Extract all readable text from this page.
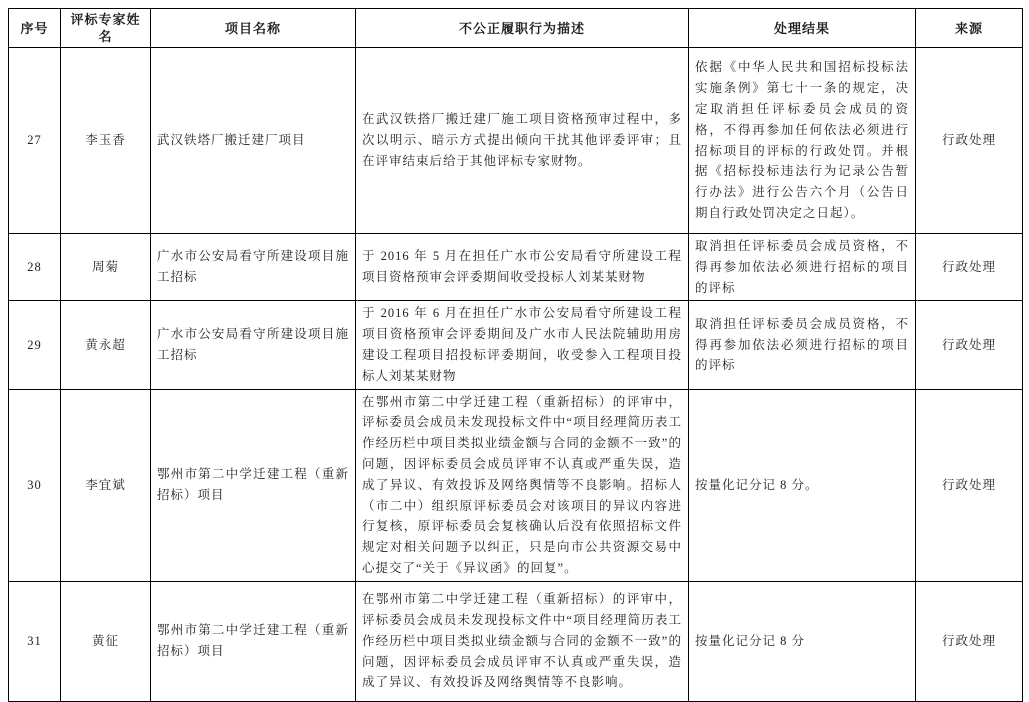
序号	评标专家姓名	项目名称	不公正履职行为描述	处理结果	来源
27	李玉香	武汉铁塔厂搬迁建厂项目	在武汉铁搭厂搬迁建厂施工项目资格预审过程中，多次以明示、暗示方式提出倾向干扰其他评委评审；且在评审结束后给于其他评标专家财物。	依据《中华人民共和国招标投标法实施条例》第七十一条的规定，决定取消担任评标委员会成员的资格，不得再参加任何依法必须进行招标项目的评标的行政处罚。并根据《招标投标违法行为记录公告暂行办法》进行公告六个月（公告日期自行政处罚决定之日起）。	行政处理
28	周菊	广水市公安局看守所建设项目施工招标	于 2016 年 5 月在担任广水市公安局看守所建设工程项目资格预审会评委期间收受投标人刘某某财物	取消担任评标委员会成员资格，不得再参加依法必须进行招标的项目的评标	行政处理
29	黄永超	广水市公安局看守所建设项目施工招标	于 2016 年 6 月在担任广水市公安局看守所建设工程项目资格预审会评委期间及广水市人民法院辅助用房建设工程项目招投标评委期间，收受参入工程项目投标人刘某某财物	取消担任评标委员会成员资格，不得再参加依法必须进行招标的项目的评标	行政处理
30	李宜斌	鄂州市第二中学迁建工程（重新招标）项目	在鄂州市第二中学迁建工程（重新招标）的评审中，评标委员会成员未发现投标文件中“项目经理简历表工作经历栏中项目类拟业绩金额与合同的金额不一致”的问题，因评标委员会成员评审不认真或严重失误，造成了异议、有效投诉及网络舆情等不良影响。招标人（市二中）组织原评标委员会对该项目的异议内容进行复核，原评标委员会复核确认后没有依照招标文件规定对相关问题予以纠正，只是向市公共资源交易中心提交了“关于《异议函》的回复”。	按量化记分记 8 分。	行政处理
31	黄征	鄂州市第二中学迁建工程（重新招标）项目	在鄂州市第二中学迁建工程（重新招标）的评审中，评标委员会成员未发现投标文件中“项目经理简历表工作经历栏中项目类拟业绩金额与合同的金额不一致”的问题，因评标委员会成员评审不认真或严重失误，造成了异议、有效投诉及网络舆情等不良影响。	按量化记分记 8 分	行政处理
